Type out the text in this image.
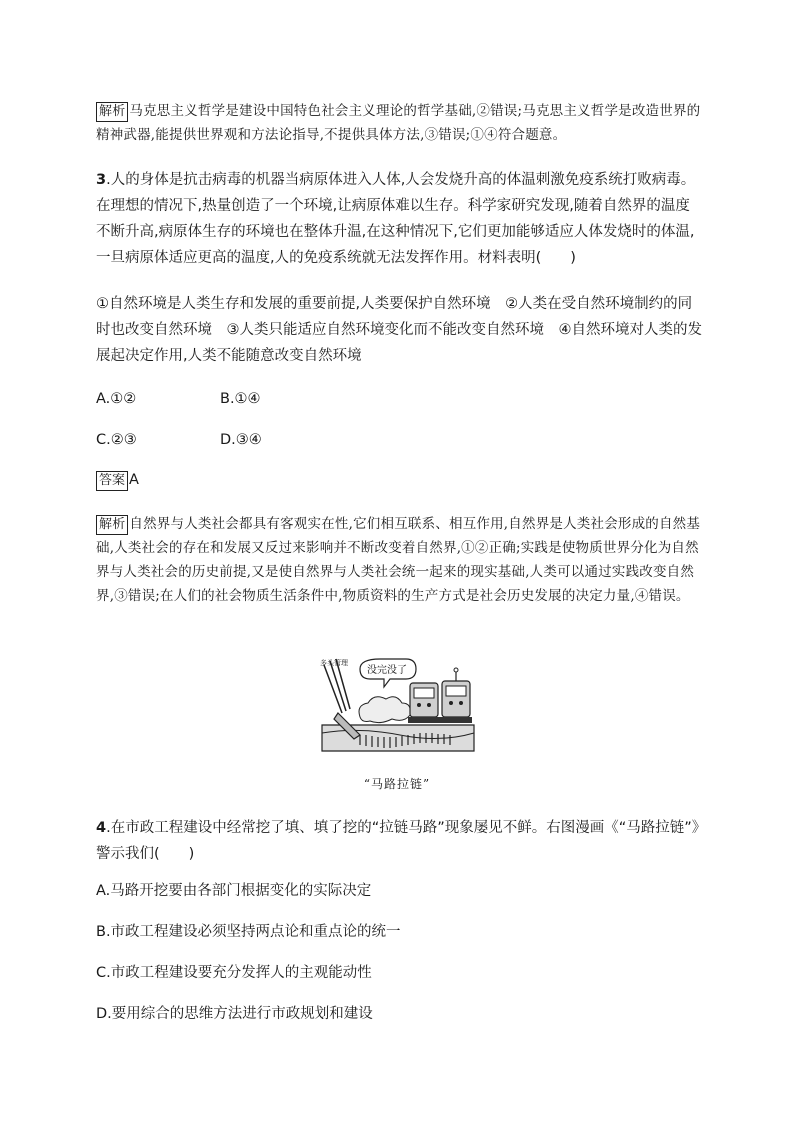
解析 马克思主义哲学是建设中国特色社会主义理论的哲学基础,②错误;马克思主义哲学是改造世界的精神武器,能提供世界观和方法论指导,不提供具体方法,③错误;①④符合题意。
3.人的身体是抗击病毒的机器当病原体进入人体,人会发烧升高的体温刺激免疫系统打败病毒。在理想的情况下,热量创造了一个环境,让病原体难以生存。科学家研究发现,随着自然界的温度不断升高,病原体生存的环境也在整体升温,在这种情况下,它们更加能够适应人体发烧时的体温,一旦病原体适应更高的温度,人的免疫系统就无法发挥作用。材料表明(　　)
①自然环境是人类生存和发展的重要前提,人类要保护自然环境　②人类在受自然环境制约的同时也改变自然环境　③人类只能适应自然环境变化而不能改变自然环境　④自然环境对人类的发展起决定作用,人类不能随意改变自然环境
A.①②	B.①④
C.②③	D.③④
答案 A
解析 自然界与人类社会都具有客观实在性,它们相互联系、相互作用,自然界是人类社会形成的自然基础,人类社会的存在和发展又反过来影响并不断改变着自然界,①②正确;实践是使物质世界分化为自然界与人类社会的历史前提,又是使自然界与人类社会统一起来的现实基础,人类可以通过实践改变自然界,③错误;在人们的社会物质生活条件中,物质资料的生产方式是社会历史发展的决定力量,④错误。
多头管理
没完没了
“马路拉链”
4.在市政工程建设中经常挖了填、填了挖的“拉链马路”现象屡见不鲜。右图漫画《“马路拉链”》警示我们(　　)
A.马路开挖要由各部门根据变化的实际决定
B.市政工程建设必须坚持两点论和重点论的统一
C.市政工程建设要充分发挥人的主观能动性
D.要用综合的思维方法进行市政规划和建设
